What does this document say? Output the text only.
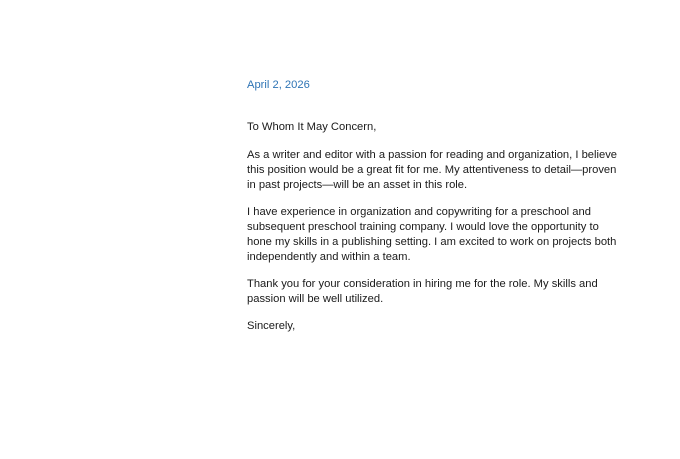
April 2, 2026

To Whom It May Concern,

As a writer and editor with a passion for reading and organization, I believe this position would be a great fit for me. My attentiveness to detail—proven in past projects—will be an asset in this role.

I have experience in organization and copywriting for a preschool and subsequent preschool training company. I would love the opportunity to hone my skills in a publishing setting. I am excited to work on projects both independently and within a team.

Thank you for your consideration in hiring me for the role. My skills and passion will be well utilized.

Sincerely,
